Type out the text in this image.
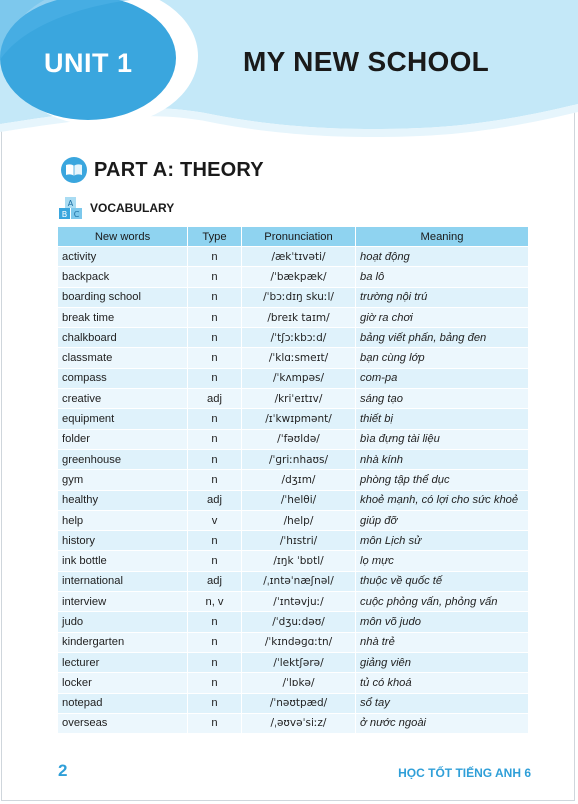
UNIT 1	MY NEW SCHOOL
PART A: THEORY
A
B C VOCABULARY
New words	Type	Pronunciation	Meaning
activity	n	/ækˈtɪvəti/	hoạt động
backpack	n	/ˈbækpæk/	ba lô
boarding school	n	/ˈbɔːdɪŋ skuːl/	trường nội trú
break time	n	/breɪk taɪm/	giờ ra chơi
chalkboard	n	/ˈtʃɔːkbɔːd/	bảng viết phấn, bảng đen
classmate	n	/ˈklɑːsmeɪt/	bạn cùng lớp
compass	n	/ˈkʌmpəs/	com-pa
creative	adj	/kriˈeɪtɪv/	sáng tạo
equipment	n	/ɪˈkwɪpmənt/	thiết bị
folder	n	/ˈfəʊldə/	bìa đựng tài liệu
greenhouse	n	/ˈɡriːnhaʊs/	nhà kính
gym	n	/dʒɪm/	phòng tập thể dục
healthy	adj	/ˈhelθi/	khoẻ mạnh, có lợi cho sức khoẻ
help	v	/help/	giúp đỡ
history	n	/ˈhɪstri/	môn Lịch sử
ink bottle	n	/ɪŋk ˈbɒtl/	lọ mực
international	adj	/ˌɪntəˈnæʃnəl/	thuộc về quốc tế
interview	n, v	/ˈɪntəvjuː/	cuộc phỏng vấn, phỏng vấn
judo	n	/ˈdʒuːdəʊ/	môn võ judo
kindergarten	n	/ˈkɪndəɡɑːtn/	nhà trẻ
lecturer	n	/ˈlektʃərə/	giảng viên
locker	n	/ˈlɒkə/	tủ có khoá
notepad	n	/ˈnəʊtpæd/	sổ tay
overseas	n	/ˌəʊvəˈsiːz/	ở nước ngoài
2	HỌC TỐT TIẾNG ANH 6
